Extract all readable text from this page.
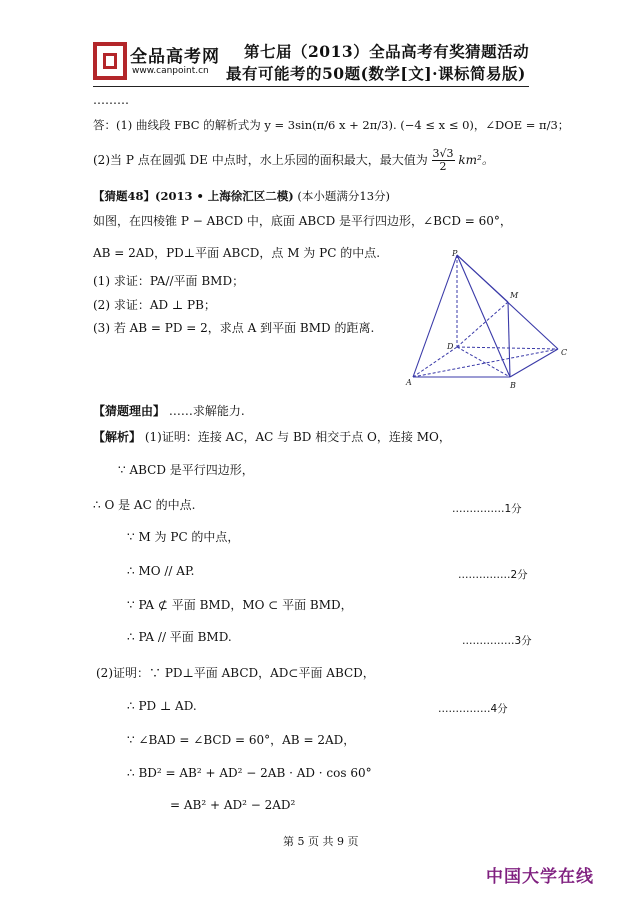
全品高考网
www.canpoint.cn
第七届（2013）全品高考有奖猜题活动
最有可能考的50题(数学[文]·课标简易版)
………
答：(1) 曲线段 FBC 的解析式为 y = 3sin(π/6 x + 2π/3). (−4 ≤ x ≤ 0)，∠DOE = π/3；
(2)当 P 点在圆弧 DE 中点时，水上乐园的面积最大，最大值为 $\frac{3√3}{2} km^2$。
【猜题48】(2013 • 上海徐汇区二模) (本小题满分13分)
如图，在四棱锥 P − ABCD 中，底面 ABCD 是平行四边形，∠BCD = 60°，
AB = 2AD，PD⊥平面 ABCD，点 M 为 PC 的中点.
(1) 求证：PA//平面 BMD；
(2) 求证：AD ⊥ PB；
(3) 若 AB = PD = 2，求点 A 到平面 BMD 的距离.
P
M
D
C
A	B
【猜题理由】 ……求解能力.
【解析】 (1)证明：连接 AC，AC 与 BD 相交于点 O，连接 MO，
∵ ABCD 是平行四边形，
∴ O 是 AC 的中点.	……………1分
∵ M 为 PC 的中点，
∴ MO // AP.	……………2分
∵ PA ⊄ 平面 BMD，MO ⊂ 平面 BMD，
∴ PA // 平面 BMD.	……………3分
(2)证明：∵ PD⊥平面 ABCD，AD⊂平面 ABCD，
∴ PD ⊥ AD.	……………4分
∵ ∠BAD = ∠BCD = 60°，AB = 2AD，
∴ BD² = AB² + AD² − 2AB · AD · cos 60°
= AB² + AD² − 2AD²
第 5 页 共 9 页
中国大学在线
